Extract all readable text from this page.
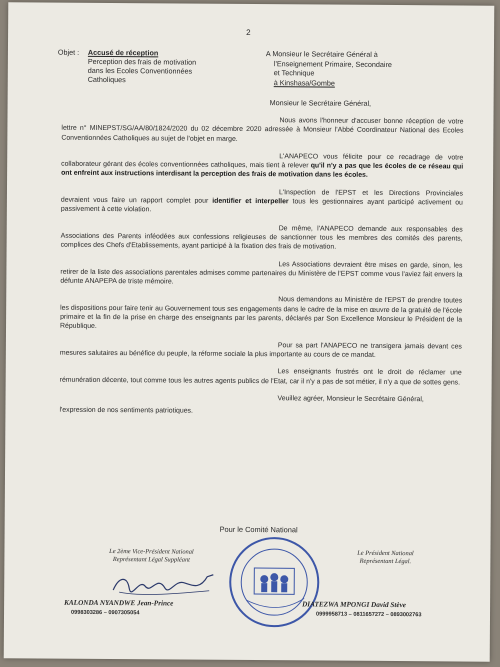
2
Objet : Accusé de réception
Perception des frais de motivation
dans les Ecoles Conventionnées
Catholiques
A Monsieur le Secrétaire Général à
l'Enseignement Primaire, Secondaire
et Technique
à Kinshasa/Gombe
Monsieur le Secrétaire Général,

Nous avons l'honneur d'accuser bonne réception de votre lettre n° MINEPST/SG/AA/80/1824/2020 du 02 décembre 2020 adressée à Monsieur l'Abbé Coordinateur National des Ecoles Conventionnées Catholiques au sujet de l'objet en marge.

L'ANAPECO vous félicite pour ce recadrage de votre collaborateur gérant des écoles conventionnées catholiques, mais tient à relever qu'il n'y a pas que les écoles de ce réseau qui ont enfreint aux instructions interdisant la perception des frais de motivation dans les écoles.

L'Inspection de l'EPST et les Directions Provinciales devraient vous faire un rapport complet pour identifier et interpeller tous les gestionnaires ayant participé activement ou passivement à cette violation.

De même, l'ANAPECO demande aux responsables des Associations des Parents inféodées aux confessions religieuses de sanctionner tous les membres des comités des parents, complices des Chefs d'Etablissements, ayant participé à la fixation des frais de motivation.

Les Associations devraient être mises en garde, sinon, les retirer de la liste des associations parentales admises comme partenaires du Ministère de l'EPST comme vous l'aviez fait envers la défunte ANAPEPA de triste mémoire.

Nous demandons au Ministère de l'EPST de prendre toutes les dispositions pour faire tenir au Gouvernement tous ses engagements dans le cadre de la mise en œuvre de la gratuité de l'école primaire et la fin de la prise en charge des enseignants par les parents, déclarés par Son Excellence Monsieur le Président de la République.

Pour sa part l'ANAPECO ne transigera jamais devant ces mesures salutaires au bénéfice du peuple, la réforme sociale la plus importante au cours de ce mandat.

Les enseignants frustrés ont le droit de réclamer une rémunération décente, tout comme tous les autres agents publics de l'Etat, car il n'y a pas de sot métier, il n'y a que de sottes gens.

Veuillez agréer, Monsieur le Secrétaire Général,

l'expression de nos sentiments patriotiques.

Pour le Comité National
Le 2ème Vice-Président National
Représentant Légal Suppléant
Le Président National
Représentant Légal.
KALONDA NYANDWE Jean-Prince
0998303286 – 0907305054
DIATEZWA MPONGI David Stève
0999958713 – 0811657272 – 0893002763
